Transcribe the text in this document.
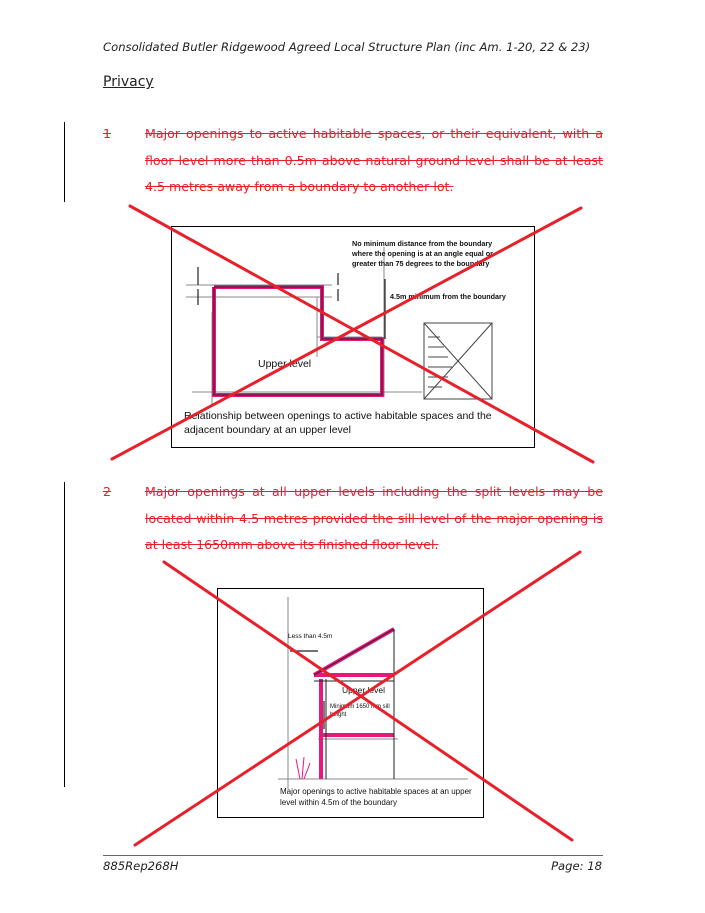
Consolidated Butler Ridgewood Agreed Local Structure Plan (inc Am. 1-20, 22 & 23)
Privacy
1	Major openings to active habitable spaces, or their equivalent, with a floor level more than 0.5m above natural ground level shall be at least 4.5 metres away from a boundary to another lot.
No minimum distance from the boundary where the opening is at an angle equal or greater than 75 degrees to the boundary
4.5m minimum from the boundary
Upper level
Relationship between openings to active habitable spaces and the adjacent boundary at an upper level
2	Major openings at all upper levels including the split levels may be located within 4.5 metres provided the sill level of the major opening is at least 1650mm above its finished floor level.
Less than 4.5m
Upper level
Minimum 1650 mm sill height
Major openings to active habitable spaces at an upper level within 4.5m of the boundary
885Rep268H	Page: 18
